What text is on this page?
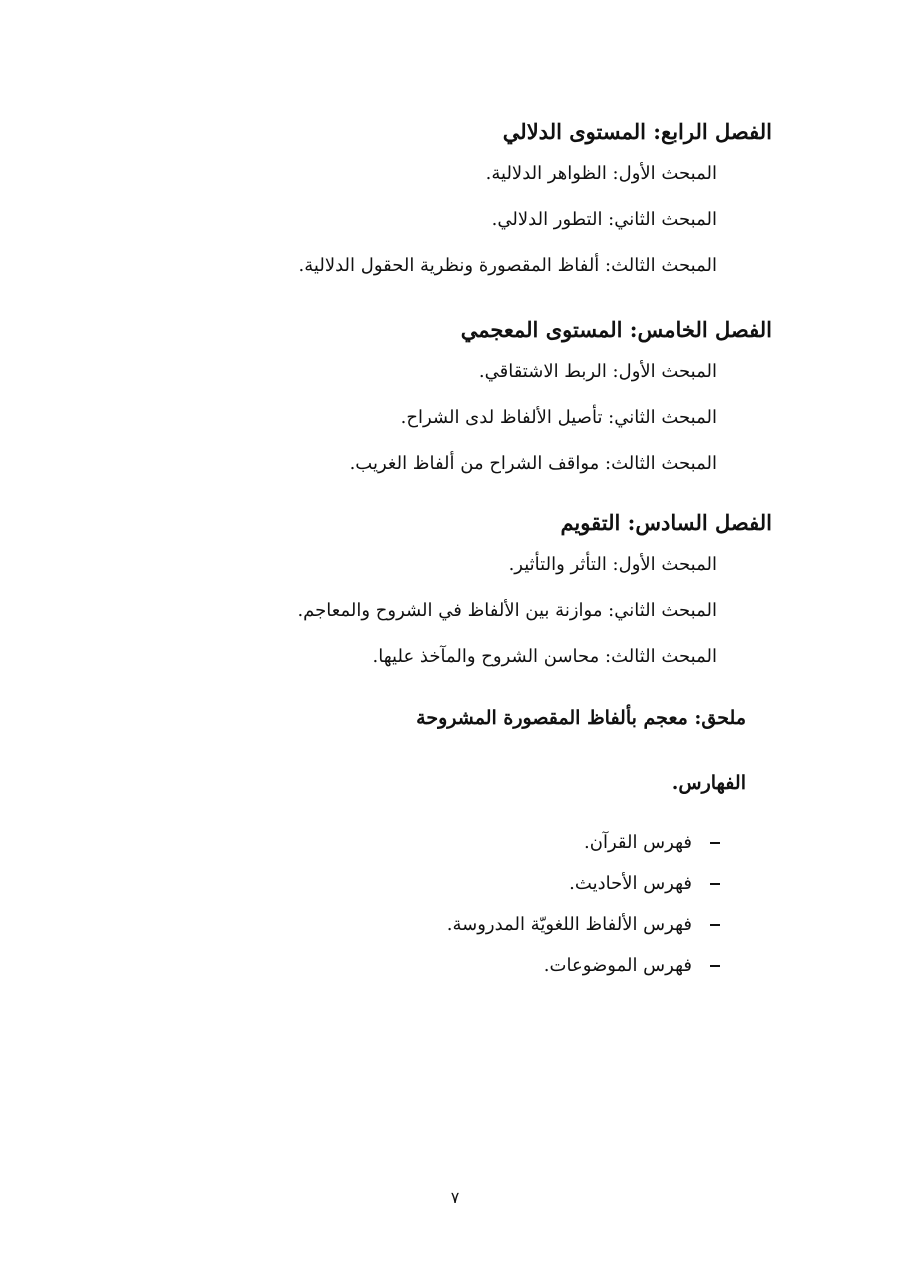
الفصل الرابع: المستوى الدلالي

المبحث الأول: الظواهر الدلالية.

المبحث الثاني: التطور الدلالي.

المبحث الثالث: ألفاظ المقصورة ونظرية الحقول الدلالية.

الفصل الخامس: المستوى المعجمي

المبحث الأول: الربط الاشتقاقي.

المبحث الثاني: تأصيل الألفاظ لدى الشراح.

المبحث الثالث: مواقف الشراح من ألفاظ الغريب.

الفصل السادس: التقويم

المبحث الأول: التأثر والتأثير.

المبحث الثاني: موازنة بين الألفاظ في الشروح والمعاجم.

المبحث الثالث: محاسن الشروح والمآخذ عليها.

ملحق: معجم بألفاظ المقصورة المشروحة
الفهارس.
فهرس القرآن.
فهرس الأحاديث.
فهرس الألفاظ اللغويّة المدروسة.
فهرس الموضوعات.
٧
